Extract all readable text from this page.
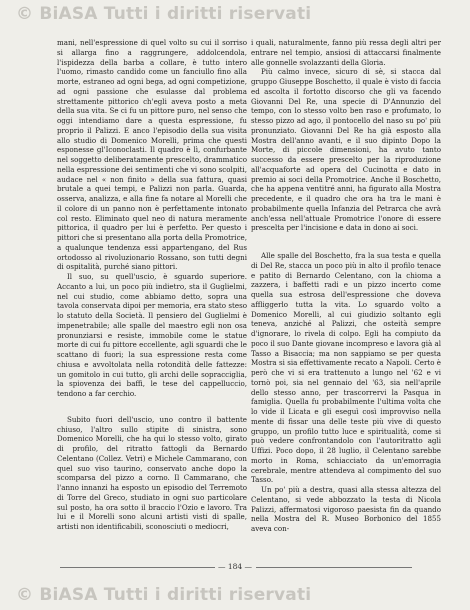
© BiASA Tutti i diritti riservati

mani, nell'espressione di quel volto su cui il sorriso si allarga fino a raggrungere, addolcendola, l'ispidezza della barba a collare, è tutto intero l'uomo, rimasto candido come un fanciullo fino alla morte, estraneo ad ogni bega, ad ogni competizione, ad ogni passione che esulasse dal problema strettamente pittorico ch'egli aveva posto a meta della sua vita. Se ci fu un pittore puro, nel senso che oggi intendiamo dare a questa espressione, fu proprio il Palizzi. E anco l'episodio della sua visita allo studio di Domenico Morelli, prima che questi esponesse gl'Iconoclasti. Il quadro è lì, confurbante nel soggetto deliberatamente prescelto, drammatico nella espressione dei sentimenti che vi sono scolpiti, audace nel « non finito » della sua fattura, quasi brutale a quei tempi, e Palizzi non parla. Guarda, osserva, analizza, e alla fine fa notare al Morelli che il colore di un panno non è perfettamente intonato col resto. Eliminato quel neo di natura meramente pittorica, il quadro per lui è perfetto. Per questo i pittori che si presentano alla porta della Promotrice, a qualunque tendenza essi appartengano, del Rus ortodosso al rivoluzionario Rossano, son tutti degni di ospitalità, purché siano pittori.

Il suo, su quell'uscio, è sguardo superiore. Accanto a lui, un poco più indietro, sta il Guglielmi, nel cui studio, come abbiamo detto, sopra una tavola conservata dipoi per memoria, era stato steso lo statuto della Società. Il pensiero del Guglielmi è impenetrabile; alle spalle del maestro egli non osa pronunziarsi e resiste, immobile come le statue morte di cui fu pittore eccellente, agli sguardi che le scattano di fuori; la sua espressione resta come chiusa e avvoltolata nella rotondità delle fattezze: un gomitolo in cui tutto, gli archi delle sopracciglia, la spiovenza dei baffi, le tese del cappelluccio, tendono a far cerchio.

Subito fuori dell'uscio, uno contro il battente chiuso, l'altro sullo stipite di sinistra, sono Domenico Morelli, che ha qui lo stesso volto, girato di profilo, del ritratto fattogli da Bernardo Celentano (Collez. Vetri) e Michele Cammarano, con quel suo viso taurino, conservato anche dopo la scomparsa del pizzo a corno. Il Cammarano, che l'anno innanzi ha esposto un episodio del Terremoto di Torre del Greco, studiato in ogni suo particolare sul posto, ha ora sotto il braccio l'Ozio e lavoro. Tra lui e il Morelli sono alcuni artisti visti di spalle, artisti non identificabili, sconosciuti o mediocri,

i quali, naturalmente, fanno più ressa degli altri per entrare nel tempio, ansiosi di attaccarsi finalmente alle gonnelle svolazzanti della Gloria.

Più calmo invece, sicuro di sè, si stacca dal gruppo Giuseppe Boschetto, il quale è visto di faccia ed ascolta il fortotto discorso che gli va facendo Giovanni Del Re, una specie di D'Annunzio del tempo, con lo stesso volto ben raso e profumato, lo stesso pizzo ad ago, il pontocello del naso su po' più pronunziato. Giovanni Del Re ha già esposto alla Mostra dell'anno avanti, e il suo dipinto Dopo la Morte, di piccole dimensioni, ha avuto tanto successo da essere prescelto per la riproduzione all'acquaforte ad opera del Cucinotta e dato in premio ai soci della Promotrice. Anche il Boschetto, che ha appena ventitré anni, ha figurato alla Mostra precedente, e il quadro che ora ha tra le mani è probabilmente quella Infanzia del Petrarca che avrà anch'essa nell'attuale Promotrice l'onore di essere prescelta per l'incisione e data in dono ai soci.

Alle spalle del Boschetto, fra la sua testa e quella di Del Re, stacca un poco più in alto il profilo tenace e patito di Bernardo Celentano, con la chioma a zazzera, i baffetti radi e un pizzo incerto come quella sua estrosa dell'espressione che doveva affliggerlo tutta la vita. Lo sguardo volto a Domenico Morelli, al cui giudizio soltanto egli teneva, anziché al Palizzi, che osteità sempre d'ignorare, lo rivela di colpo. Egli ha compiuto da poco il suo Dante giovane incompreso e lavora già al Tasso a Bisaccia; ma non sappiamo se per questa Mostra si sia effettivamente recato a Napoli. Certo è però che vi si era trattenuto a lungo nel '62 e vi tornò poi, sia nel gennaio del '63, sia nell'aprile dello stesso anno, per trascorrervi la Pasqua in famiglia. Quella fu probabilmente l'ultima volta che lo vide il Licata e gli eseguì così improvviso nella mente di fissar una delle teste più vive di questo gruppo, un profilo tutto luce e spiritualità, come si può vedere confrontandolo con l'autoritratto agli Uffizi. Poco dopo, il 28 luglio, il Celentano sarebbe morto in Roma, schiacciato da un'emorragia cerebrale, mentre attendeva al compimento del suo Tasso.

Un po' più a destra, quasi alla stessa altezza del Celentano, si vede abbozzato la testa di Nicola Palizzi, affermatosi vigoroso paesista fin da quando nella Mostra del R. Museo Borbonico del 1855 aveva con-

— 184 —
© BiASA Tutti i diritti riservati
